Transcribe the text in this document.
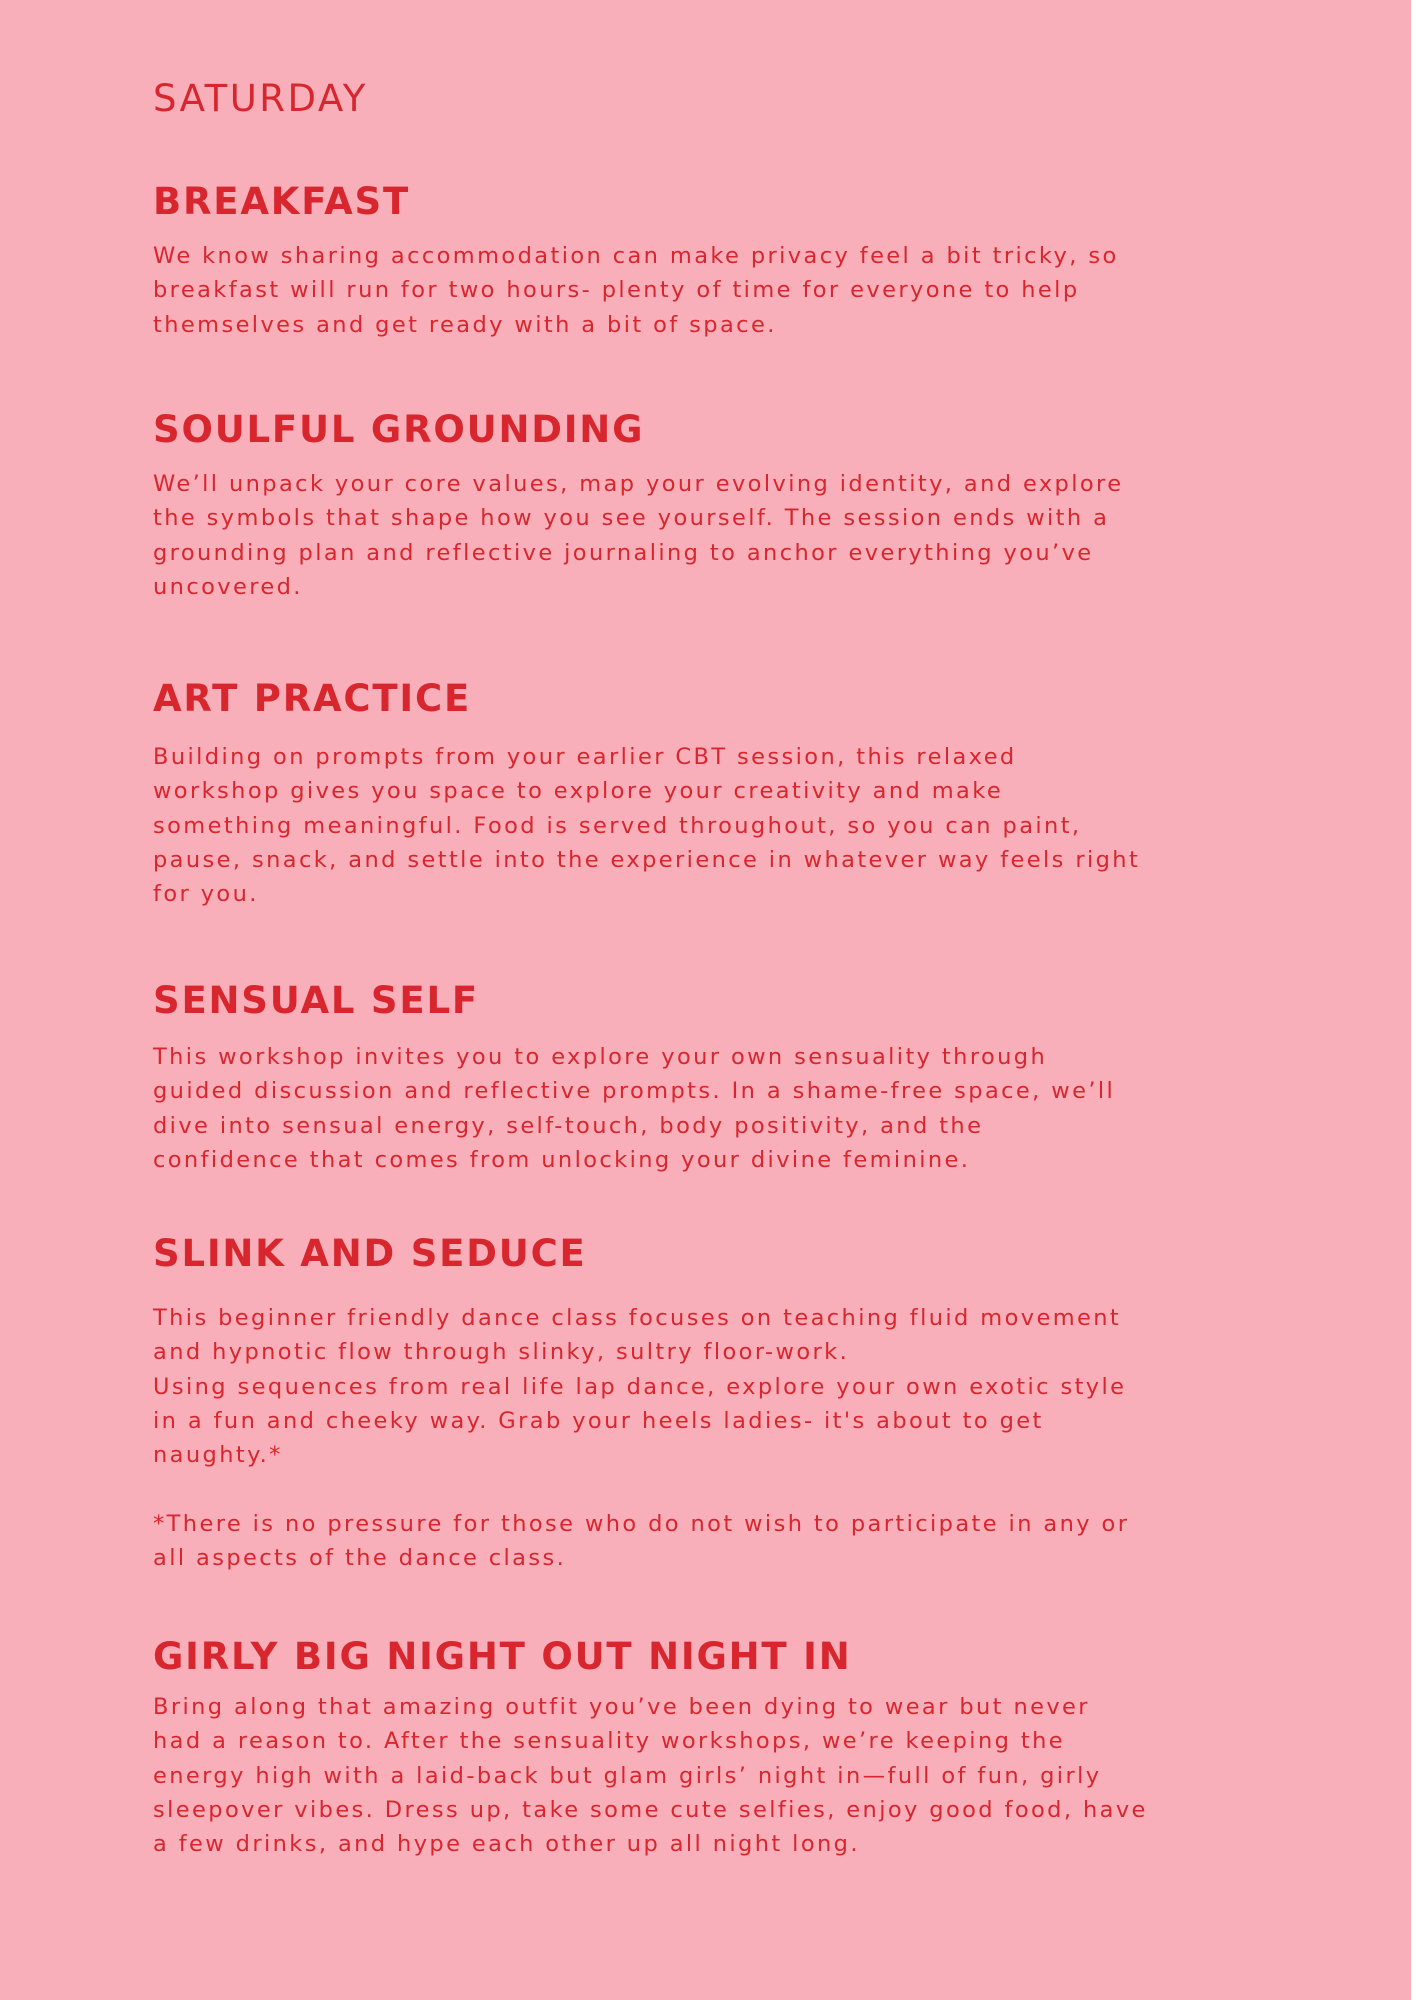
SATURDAY
BREAKFAST

We know sharing accommodation can make privacy feel a bit tricky, so
breakfast will run for two hours- plenty of time for everyone to help
themselves and get ready with a bit of space.

SOULFUL GROUNDING

We’ll unpack your core values, map your evolving identity, and explore
the symbols that shape how you see yourself. The session ends with a
grounding plan and reflective journaling to anchor everything you’ve
uncovered.

ART PRACTICE

Building on prompts from your earlier CBT session, this relaxed
workshop gives you space to explore your creativity and make
something meaningful. Food is served throughout, so you can paint,
pause, snack, and settle into the experience in whatever way feels right
for you.

SENSUAL SELF

This workshop invites you to explore your own sensuality through
guided discussion and reflective prompts. In a shame-free space, we’ll
dive into sensual energy, self-touch, body positivity, and the
confidence that comes from unlocking your divine feminine.

SLINK AND SEDUCE

This beginner friendly dance class focuses on teaching fluid movement
and hypnotic flow through slinky, sultry floor-work.
Using sequences from real life lap dance, explore your own exotic style
in a fun and cheeky way. Grab your heels ladies- it's about to get
naughty.*

*There is no pressure for those who do not wish to participate in any or
all aspects of the dance class.

GIRLY BIG NIGHT OUT NIGHT IN

Bring along that amazing outfit you’ve been dying to wear but never
had a reason to. After the sensuality workshops, we’re keeping the
energy high with a laid-back but glam girls’ night in—full of fun, girly
sleepover vibes. Dress up, take some cute selfies, enjoy good food, have
a few drinks, and hype each other up all night long.
